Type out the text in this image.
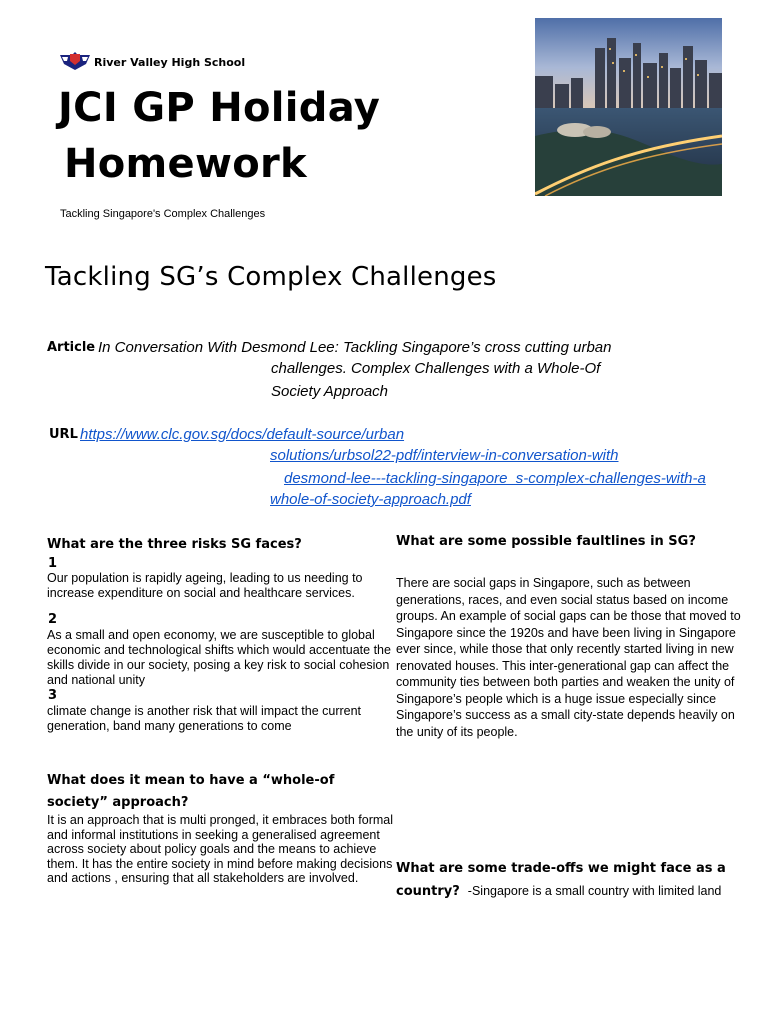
River Valley High School
JCI GP Holiday
Homework
Tackling Singapore's Complex Challenges
Tackling SG’s Complex Challenges
Article In Conversation With Desmond Lee: Tackling Singapore’s cross cutting urban
challenges. Complex Challenges with a Whole-Of
Society Approach
URL https://www.clc.gov.sg/docs/default-source/urban
solutions/urbsol22-pdf/interview-in-conversation-with
desmond-lee---tackling-singapore_s-complex-challenges-with-a
whole-of-society-approach.pdf
What are the three risks SG faces?
1
Our population is rapidly ageing, leading to us needing to increase expenditure on social and healthcare services.
2
As a small and open economy, we are susceptible to global economic and technological shifts which would accentuate the skills divide in our society, posing a key risk to social cohesion and national unity
3
climate change is another risk that will impact the current generation, band many generations to come
What are some possible faultlines in SG?
There are social gaps in Singapore, such as between generations, races, and even social status based on income groups. An example of social gaps can be those that moved to Singapore since the 1920s and have been living in Singapore ever since, while those that only recently started living in new renovated houses. This inter-generational gap can affect the community ties between both parties and weaken the unity of Singapore’s people which is a huge issue especially since Singapore’s success as a small city-state depends heavily on the unity of its people.
What does it mean to have a “whole-of society” approach?
It is an approach that is multi pronged, it embraces both formal and informal institutions in seeking a generalised agreement across society about policy goals and the means to achieve them. It has the entire society in mind before making decisions and actions , ensuring that all stakeholders are involved.
What are some trade-offs we might face as a country? -Singapore is a small country with limited land
